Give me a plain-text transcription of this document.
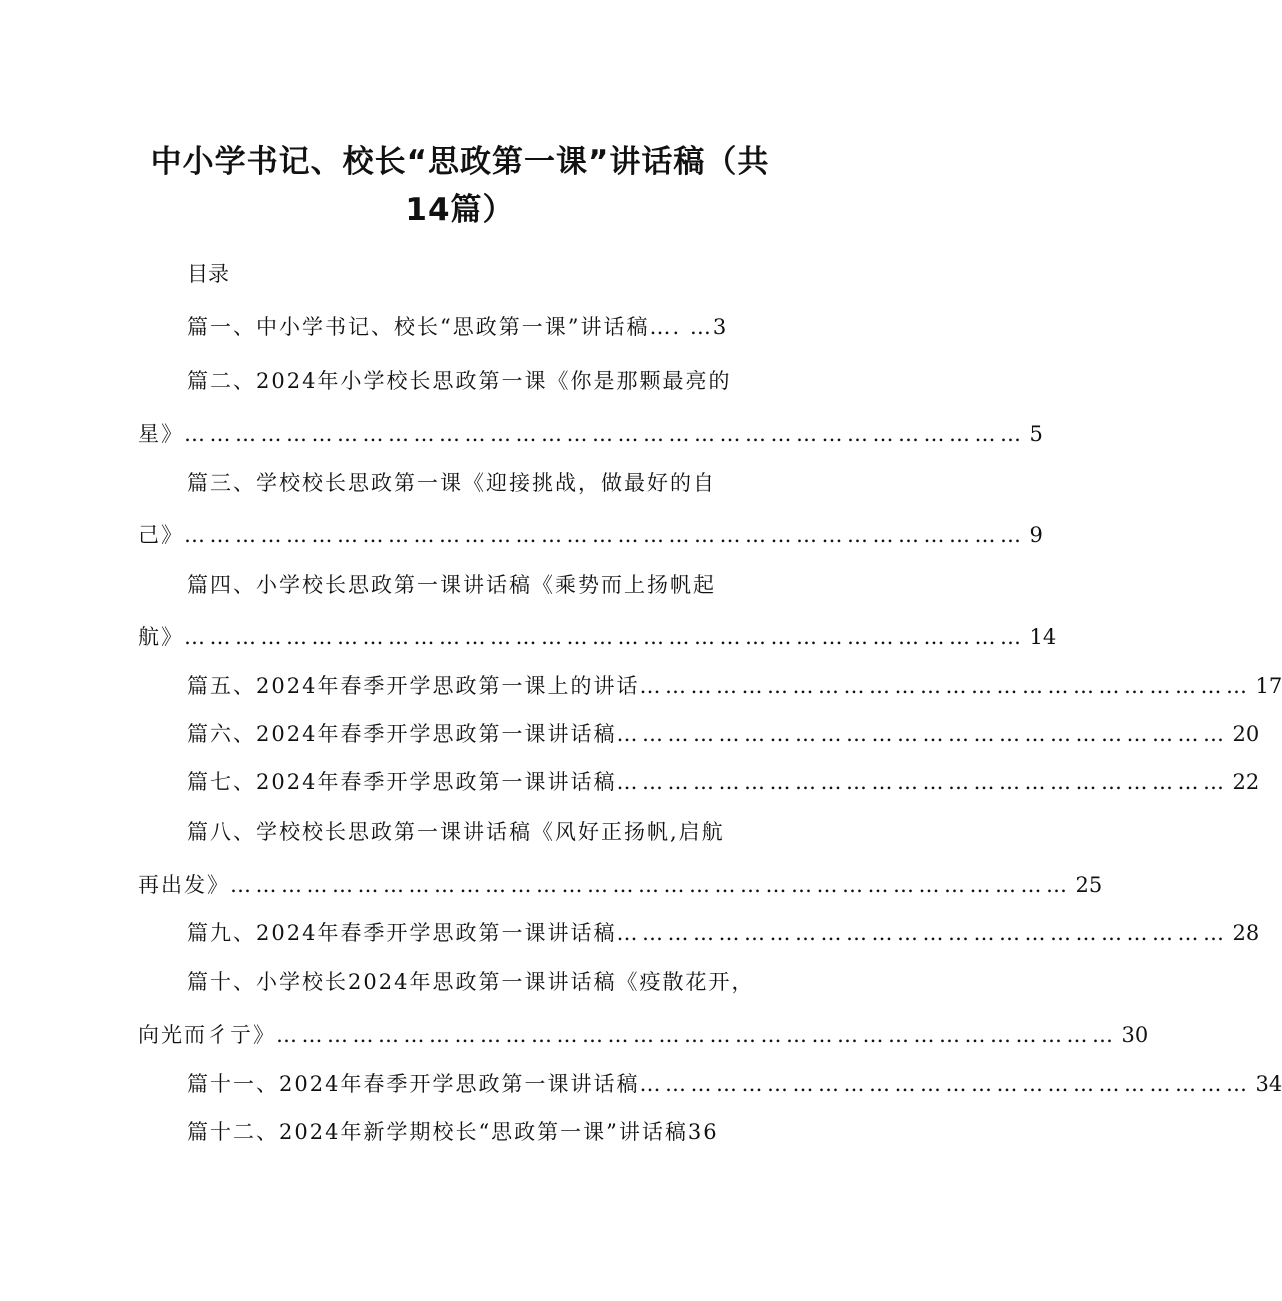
中小学书记、校长“思政第一课”讲话稿（共
14篇）
目录
篇一、中小学书记、校长“思政第一课”讲话稿…. …3
篇二、2024年小学校长思政第一课《你是那颗最亮的
星》 ……………………………………………………………………………………… 5
篇三、学校校长思政第一课《迎接挑战，做最好的自
己》 ……………………………………………………………………………………… 9
篇四、小学校长思政第一课讲话稿《乘势而上扬帆起
航》 ……………………………………………………………………………………… 14
篇五、2024年春季开学思政第一课上的讲话 ……………………………………………………………… 17
篇六、2024年春季开学思政第一课讲话稿 ……………………………………………………………… 20
篇七、2024年春季开学思政第一课讲话稿 ……………………………………………………………… 22
篇八、学校校长思政第一课讲话稿《风好正扬帆,启航
再出发》 ……………………………………………………………………………………… 25
篇九、2024年春季开学思政第一课讲话稿 ……………………………………………………………… 28
篇十、小学校长2024年思政第一课讲话稿《疫散花开，
向光而彳亍》 ……………………………………………………………………………………… 30
篇十一、2024年春季开学思政第一课讲话稿 ……………………………………………………………… 34
篇十二、2024年新学期校长“思政第一课”讲话稿36
